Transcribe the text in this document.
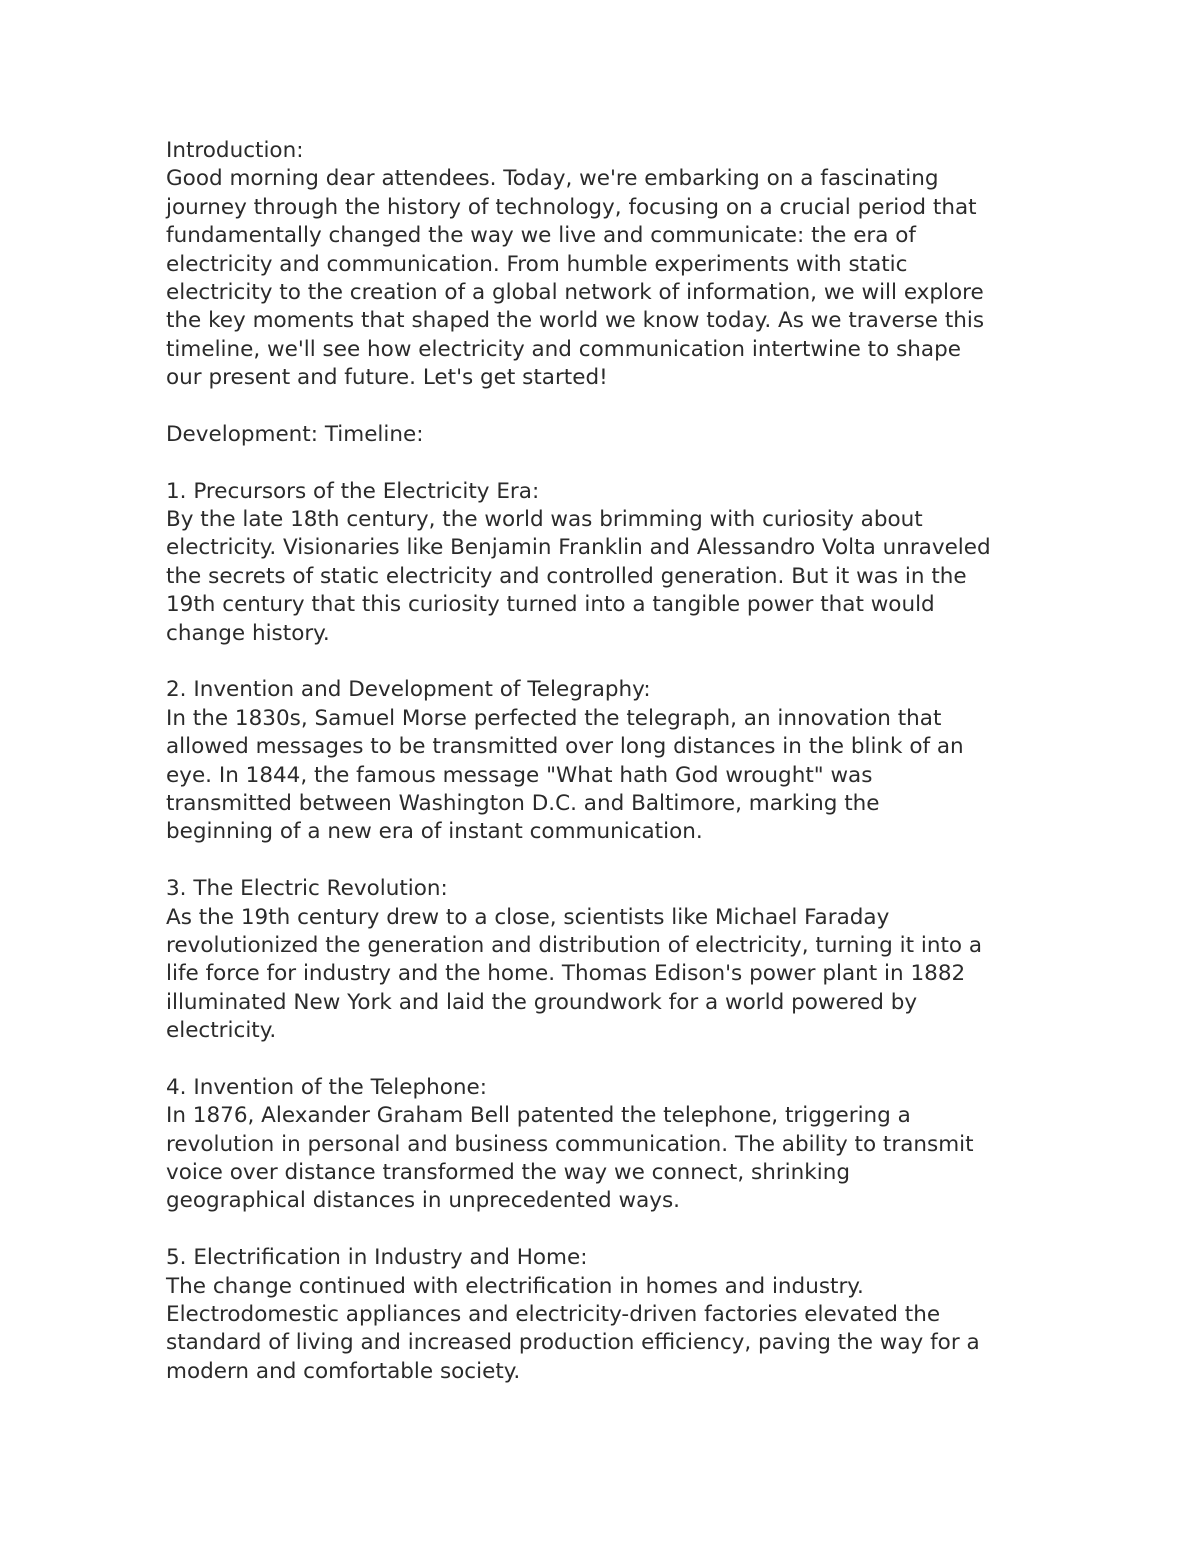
Introduction:
Good morning dear attendees. Today, we're embarking on a fascinating
journey through the history of technology, focusing on a crucial period that
fundamentally changed the way we live and communicate: the era of
electricity and communication. From humble experiments with static
electricity to the creation of a global network of information, we will explore
the key moments that shaped the world we know today. As we traverse this
timeline, we'll see how electricity and communication intertwine to shape
our present and future. Let's get started!
Development: Timeline:
1. Precursors of the Electricity Era:
By the late 18th century, the world was brimming with curiosity about
electricity. Visionaries like Benjamin Franklin and Alessandro Volta unraveled
the secrets of static electricity and controlled generation. But it was in the
19th century that this curiosity turned into a tangible power that would
change history.
2. Invention and Development of Telegraphy:
In the 1830s, Samuel Morse perfected the telegraph, an innovation that
allowed messages to be transmitted over long distances in the blink of an
eye. In 1844, the famous message "What hath God wrought" was
transmitted between Washington D.C. and Baltimore, marking the
beginning of a new era of instant communication.
3. The Electric Revolution:
As the 19th century drew to a close, scientists like Michael Faraday
revolutionized the generation and distribution of electricity, turning it into a
life force for industry and the home. Thomas Edison's power plant in 1882
illuminated New York and laid the groundwork for a world powered by
electricity.
4. Invention of the Telephone:
In 1876, Alexander Graham Bell patented the telephone, triggering a
revolution in personal and business communication. The ability to transmit
voice over distance transformed the way we connect, shrinking
geographical distances in unprecedented ways.
5. Electrification in Industry and Home:
The change continued with electrification in homes and industry.
Electrodomestic appliances and electricity-driven factories elevated the
standard of living and increased production efficiency, paving the way for a
modern and comfortable society.
